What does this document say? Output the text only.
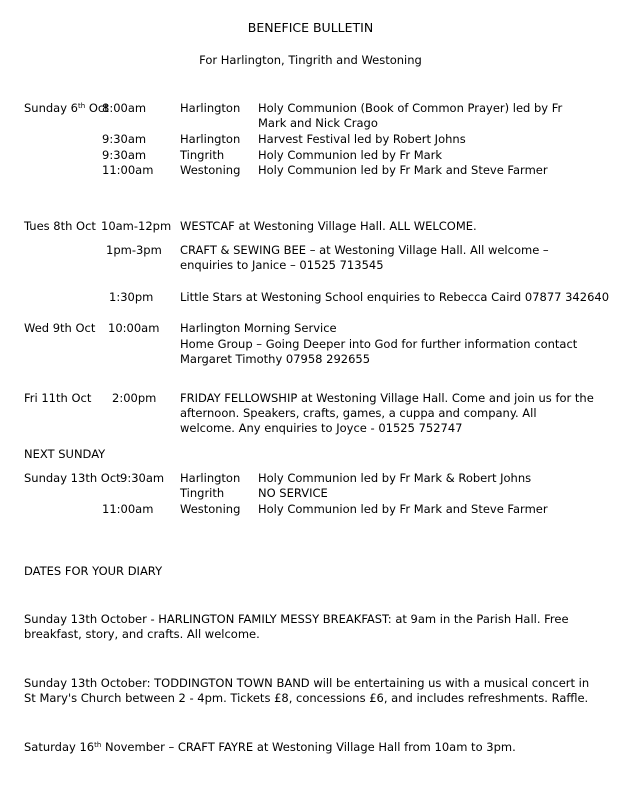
BENEFICE BULLETIN
For Harlington, Tingrith and Westoning
Sunday 6th Oct
8:00am	Harlington Holy Communion (Book of Common Prayer) led by Fr Mark and Nick Crago
9:30am	Harlington Harvest Festival led by Robert Johns
9:30am	Tingrith	Holy Communion led by Fr Mark
11:00am Westoning Holy Communion led by Fr Mark and Steve Farmer
Tues 8th Oct 10am-12pm WESTCAF at Westoning Village Hall. ALL WELCOME.
1pm-3pm CRAFT & SEWING BEE – at Westoning Village Hall. All welcome – enquiries to Janice – 01525 713545
1:30pm Little Stars at Westoning School enquiries to Rebecca Caird 07877 342640
Wed 9th Oct 10:00am Harlington Morning Service
Home Group – Going Deeper into God for further information contact Margaret Timothy 07958 292655
Fri 11th Oct 2:00pm FRIDAY FELLOWSHIP at Westoning Village Hall. Come and join us for the afternoon. Speakers, crafts, games, a cuppa and company. All welcome. Any enquiries to Joyce - 01525 752747
NEXT SUNDAY
Sunday 13th Oct 9:30am Harlington Holy Communion led by Fr Mark & Robert Johns
Tingrith	NO SERVICE
11:00am Westoning Holy Communion led by Fr Mark and Steve Farmer
DATES FOR YOUR DIARY
Sunday 13th October - HARLINGTON FAMILY MESSY BREAKFAST: at 9am in the Parish Hall. Free breakfast, story, and crafts. All welcome.
Sunday 13th October: TODDINGTON TOWN BAND will be entertaining us with a musical concert in St Mary's Church between 2 - 4pm. Tickets £8, concessions £6, and includes refreshments. Raffle.
Saturday 16th November – CRAFT FAYRE at Westoning Village Hall from 10am to 3pm.
